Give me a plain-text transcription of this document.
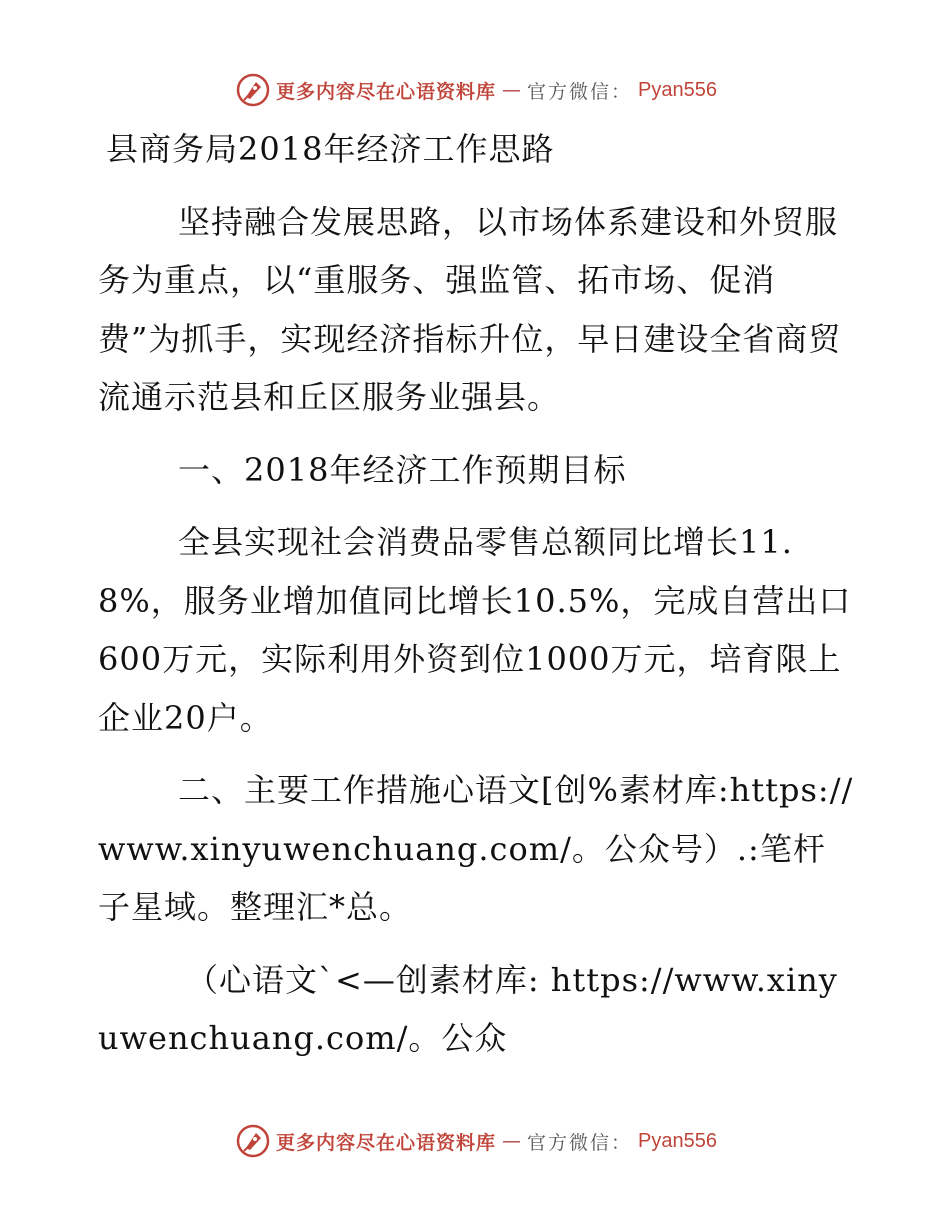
更多内容尽在心语资料库 — 官方微信： Pyan556

县商务局2018年经济工作思路

坚持融合发展思路，以市场体系建设和外贸服务为重点，以“重服务、强监管、拓市场、促消费”为抓手，实现经济指标升位，早日建设全省商贸流通示范县和丘区服务业强县。

一、2018年经济工作预期目标

全县实现社会消费品零售总额同比增长11.8%，服务业增加值同比增长10.5%，完成自营出口600万元，实际利用外资到位1000万元，培育限上企业20户。

二、主要工作措施心语文[创%素材库:https://www.xinyuwenchuang.com/。公众号）.:笔杆子星域。整理汇*总。

（心语文`<—创素材库: https://www.xinyuwenchuang.com/。公众

更多内容尽在心语资料库 — 官方微信： Pyan556
